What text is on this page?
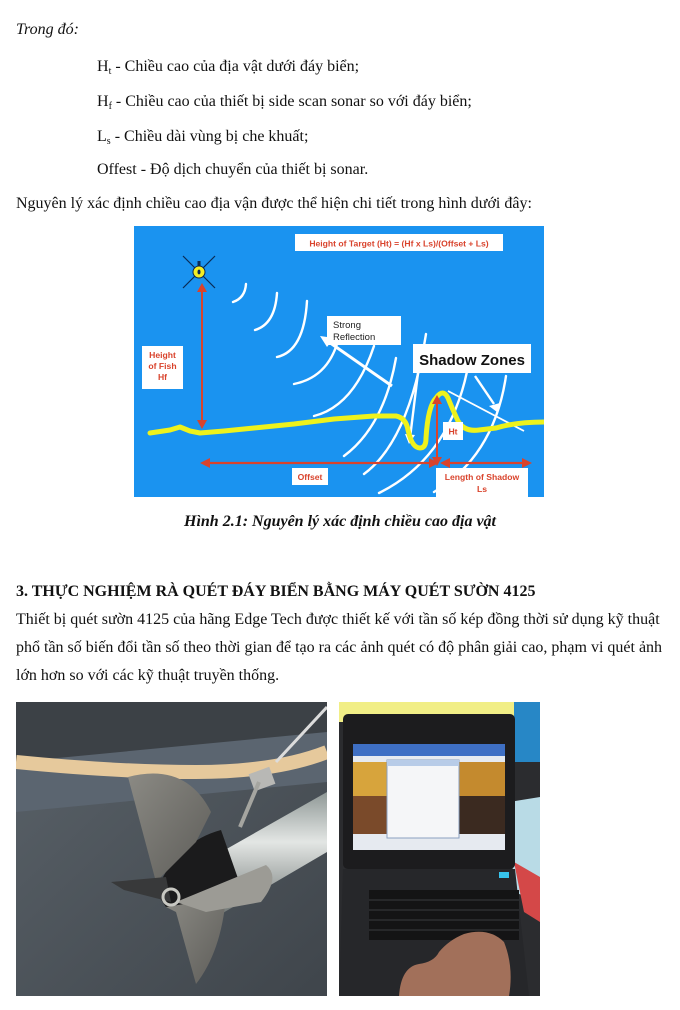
Trong đó:
$H_t$ - Chiều cao của địa vật dưới đáy biển;
$H_f$ - Chiều cao của thiết bị side scan sonar so với đáy biển;
$L_s$ - Chiều dài vùng bị che khuất;
Offest - Độ dịch chuyển của thiết bị sonar.
Nguyên lý xác định chiều cao địa vận được thể hiện chi tiết trong hình dưới đây:
Height of Target (Ht) = (Hf x Ls)/(Offset + Ls)
Strong
Reflection
Shadow Zones
Height
of Fish
Hf
Ht
Offset	Length of Shadow
Ls
Hình 2.1: Nguyên lý xác định chiều cao địa vật
3. THỰC NGHIỆM RÀ QUÉT ĐÁY BIỂN BẰNG MÁY QUÉT SƯỜN 4125
Thiết bị quét sườn 4125 của hãng Edge Tech được thiết kế với tần số kép đồng thời sử dụng kỹ thuật
phổ tần số biến đổi tần số theo thời gian để tạo ra các ảnh quét có độ phân giải cao, phạm vi quét ảnh
lớn hơn so với các kỹ thuật truyền thống.
